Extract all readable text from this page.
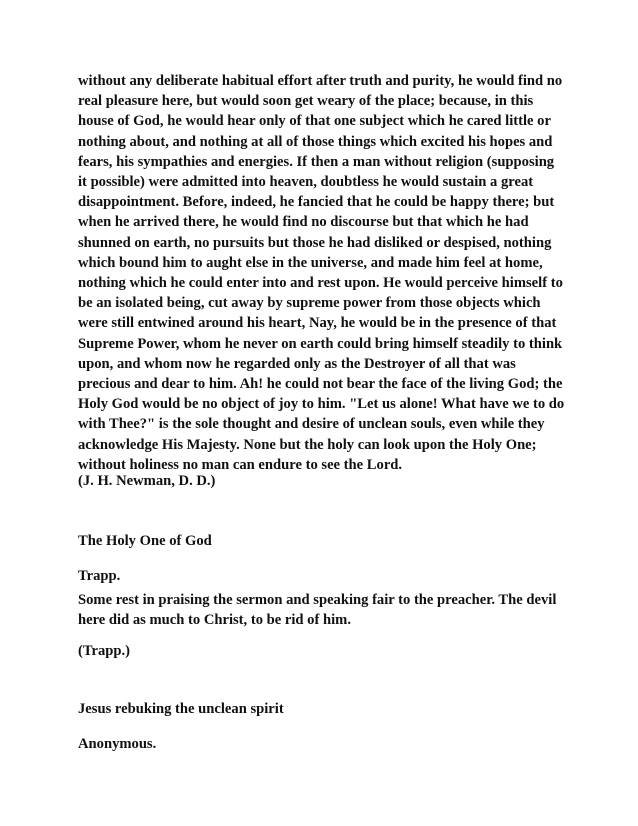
without any deliberate habitual effort after truth and purity, he would find no
real pleasure here, but would soon get weary of the place; because, in this
house of God, he would hear only of that one subject which he cared little or
nothing about, and nothing at all of those things which excited his hopes and
fears, his sympathies and energies. If then a man without religion (supposing
it possible) were admitted into heaven, doubtless he would sustain a great
disappointment. Before, indeed, he fancied that he could be happy there; but
when he arrived there, he would find no discourse but that which he had
shunned on earth, no pursuits but those he had disliked or despised, nothing
which bound him to aught else in the universe, and made him feel at home,
nothing which he could enter into and rest upon. He would perceive himself to
be an isolated being, cut away by supreme power from those objects which
were still entwined around his heart, Nay, he would be in the presence of that
Supreme Power, whom he never on earth could bring himself steadily to think
upon, and whom now he regarded only as the Destroyer of all that was
precious and dear to him. Ah! he could not bear the face of the living God; the
Holy God would be no object of joy to him. "Let us alone! What have we to do
with Thee?" is the sole thought and desire of unclean souls, even while they
acknowledge His Majesty. None but the holy can look upon the Holy One;
without holiness no man can endure to see the Lord.
(J. H. Newman, D. D.)
The Holy One of God
Trapp.
Some rest in praising the sermon and speaking fair to the preacher. The devil
here did as much to Christ, to be rid of him.
(Trapp.)
Jesus rebuking the unclean spirit
Anonymous.
